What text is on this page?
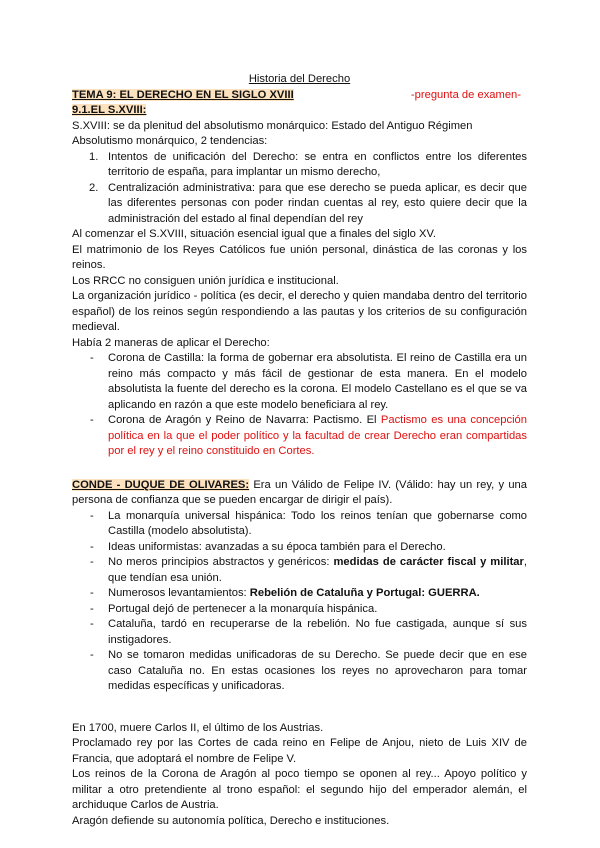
Historia del Derecho

TEMA 9: EL DERECHO EN EL SIGLO XVIII	-pregunta de examen-
9.1.EL S.XVIII:

S.XVIII: se da plenitud del absolutismo monárquico: Estado del Antiguo Régimen

Absolutismo monárquico, 2 tendencias:

1. Intentos de unificación del Derecho: se entra en conflictos entre los diferentes territorio de españa, para implantar un mismo derecho,
2. Centralización administrativa: para que ese derecho se pueda aplicar, es decir que las diferentes personas con poder rindan cuentas al rey, esto quiere decir que la administración del estado al final dependían del rey

Al comenzar el S.XVIII, situación esencial igual que a finales del siglo XV.

El matrimonio de los Reyes Católicos fue unión personal, dinástica de las coronas y los reinos.

Los RRCC no consiguen unión jurídica e institucional.

La organización jurídico - política (es decir, el derecho y quien mandaba dentro del territorio español) de los reinos según respondiendo a las pautas y los criterios de su configuración medieval.

Había 2 maneras de aplicar el Derecho:

- Corona de Castilla: la forma de gobernar era absolutista. El reino de Castilla era un reino más compacto y más fácil de gestionar de esta manera. En el modelo absolutista la fuente del derecho es la corona. El modelo Castellano es el que se va aplicando en razón a que este modelo beneficiara al rey.
- Corona de Aragón y Reino de Navarra: Pactismo. El Pactismo es una concepción política en la que el poder político y la facultad de crear Derecho eran compartidas por el rey y el reino constituido en Cortes.

CONDE - DUQUE DE OLIVARES: Era un Válido de Felipe IV. (Válido: hay un rey, y una persona de confianza que se pueden encargar de dirigir el país).

- La monarquía universal hispánica: Todo los reinos tenían que gobernarse como Castilla (modelo absolutista).
- Ideas uniformistas: avanzadas a su época también para el Derecho.
- No meros principios abstractos y genéricos: medidas de carácter fiscal y militar, que tendían esa unión.
- Numerosos levantamientos: Rebelión de Cataluña y Portugal: GUERRA.
- Portugal dejó de pertenecer a la monarquía hispánica.
- Cataluña, tardó en recuperarse de la rebelión. No fue castigada, aunque sí sus instigadores.
- No se tomaron medidas unificadoras de su Derecho. Se puede decir que en ese caso Cataluña no. En estas ocasiones los reyes no aprovecharon para tomar medidas específicas y unificadoras.

En 1700, muere Carlos II, el último de los Austrias.

Proclamado rey por las Cortes de cada reino en Felipe de Anjou, nieto de Luis XIV de Francia, que adoptará el nombre de Felipe V.

Los reinos de la Corona de Aragón al poco tiempo se oponen al rey... Apoyo político y militar a otro pretendiente al trono español: el segundo hijo del emperador alemán, el archiduque Carlos de Austria.

Aragón defiende su autonomía política, Derecho e instituciones.
